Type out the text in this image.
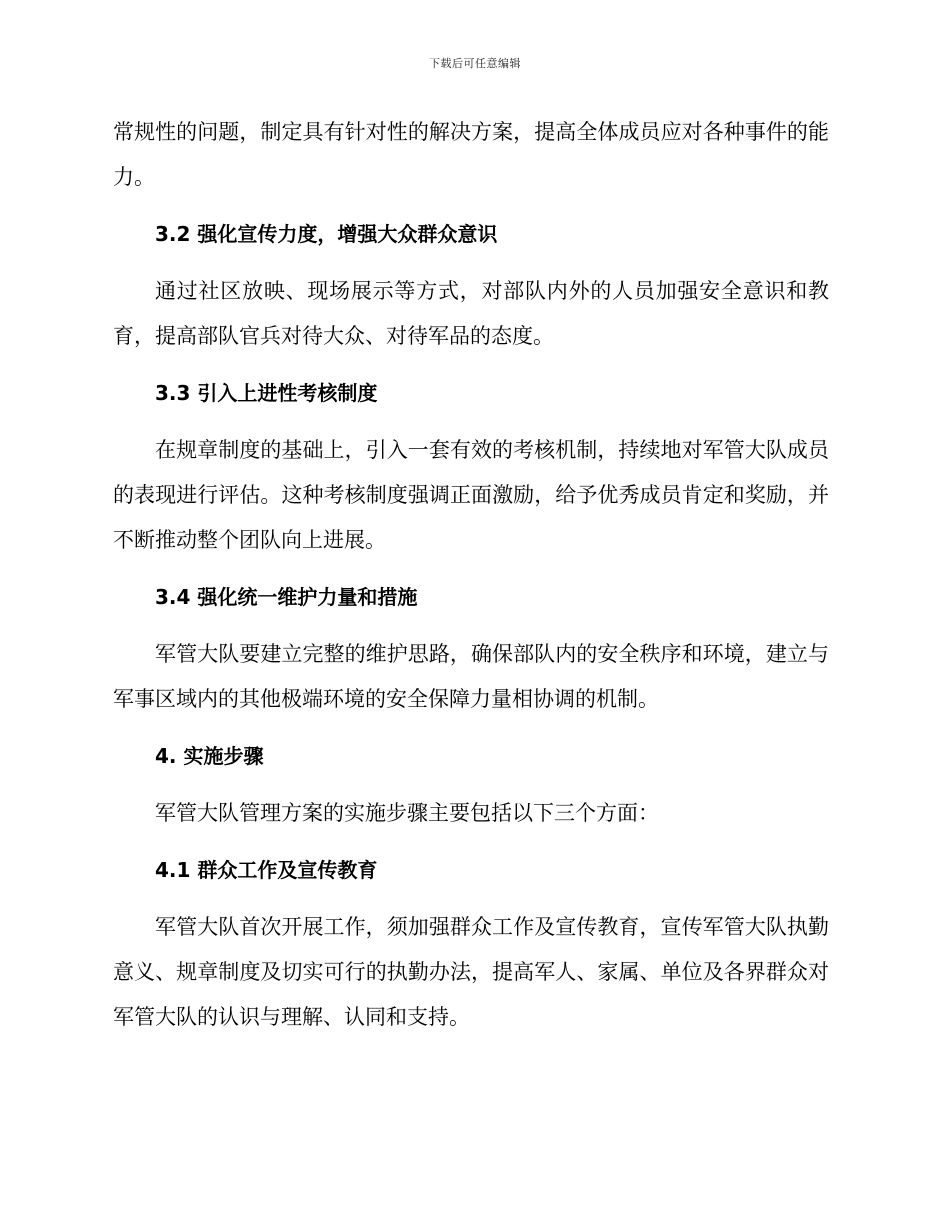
下载后可任意编辑

常规性的问题，制定具有针对性的解决方案，提高全体成员应对各种事件的能力。

3.2 强化宣传力度，增强大众群众意识

通过社区放映、现场展示等方式，对部队内外的人员加强安全意识和教育，提高部队官兵对待大众、对待军品的态度。

3.3 引入上进性考核制度

在规章制度的基础上，引入一套有效的考核机制，持续地对军管大队成员的表现进行评估。这种考核制度强调正面激励，给予优秀成员肯定和奖励，并不断推动整个团队向上进展。

3.4 强化统一维护力量和措施

军管大队要建立完整的维护思路，确保部队内的安全秩序和环境，建立与军事区域内的其他极端环境的安全保障力量相协调的机制。

4. 实施步骤

军管大队管理方案的实施步骤主要包括以下三个方面：

4.1 群众工作及宣传教育

军管大队首次开展工作，须加强群众工作及宣传教育，宣传军管大队执勤意义、规章制度及切实可行的执勤办法，提高军人、家属、单位及各界群众对军管大队的认识与理解、认同和支持。
